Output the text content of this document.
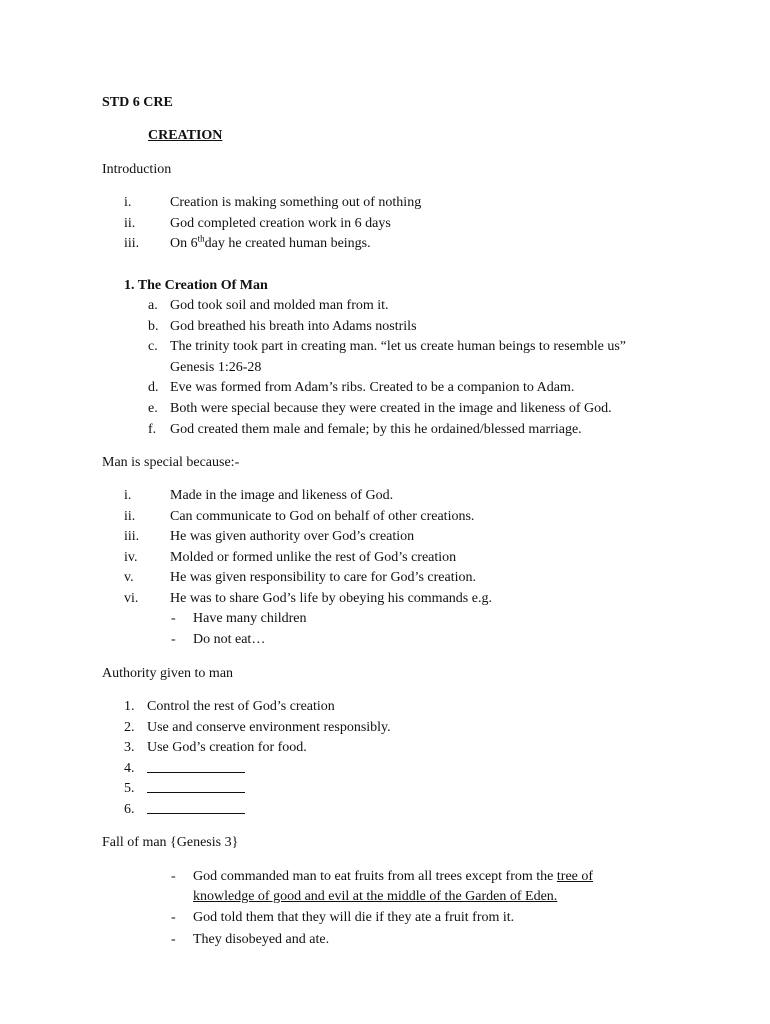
STD 6 CRE
CREATION
Introduction
i.	Creation is making something out of nothing
ii. God completed creation work in 6 days
iii. On 6thday he created human beings.
1. The Creation Of Man
a. God took soil and molded man from it.
b. God breathed his breath into Adams nostrils
c. The trinity took part in creating man. “let us create human beings to resemble us”
Genesis 1:26-28
d. Eve was formed from Adam’s ribs. Created to be a companion to Adam.
e. Both were special because they were created in the image and likeness of God.
f. God created them male and female; by this he ordained/blessed marriage.
Man is special because:-
i.	Made in the image and likeness of God.
ii. Can communicate to God on behalf of other creations.
iii. He was given authority over God’s creation
iv. Molded or formed unlike the rest of God’s creation
v.	He was given responsibility to care for God’s creation.
vi. He was to share God’s life by obeying his commands e.g.
- Have many children
- Do not eat…
Authority given to man
1. Control the rest of God’s creation
2. Use and conserve environment responsibly.
3. Use God’s creation for food.
4.
5.
6.
Fall of man {Genesis 3}
- God commanded man to eat fruits from all trees except from the tree of
knowledge of good and evil at the middle of the Garden of Eden.
- God told them that they will die if they ate a fruit from it.
- They disobeyed and ate.
